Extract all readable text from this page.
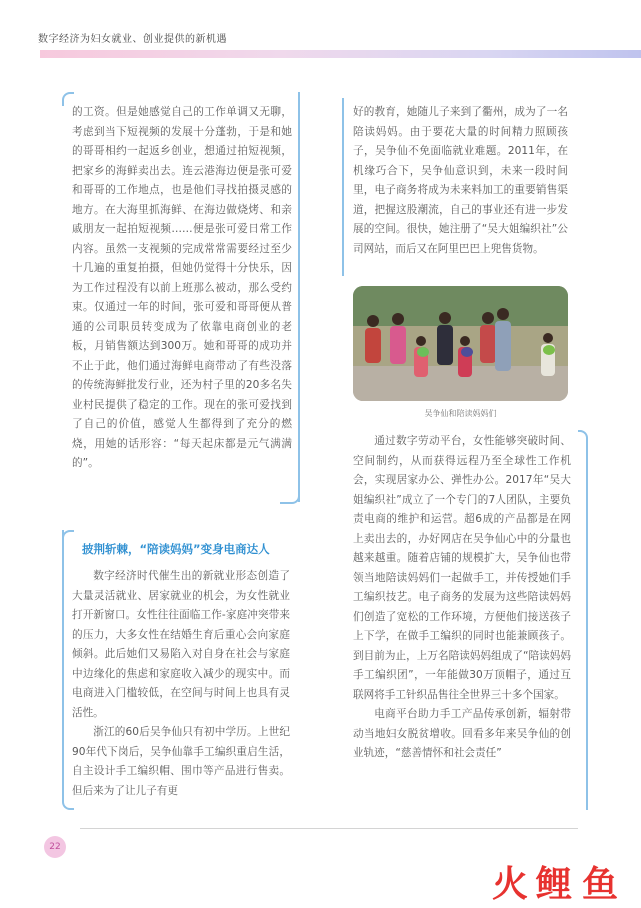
数字经济为妇女就业、创业提供的新机遇

的工资。但是她感觉自己的工作单调又无聊，考虑到当下短视频的发展十分蓬勃，于是和她的哥哥相约一起返乡创业，想通过拍短视频，把家乡的海鲜卖出去。连云港海边便是张可爱和哥哥的工作地点，也是他们寻找拍摄灵感的地方。在大海里抓海鲜、在海边做烧烤、和亲戚朋友一起拍短视频……便是张可爱日常工作内容。虽然一支视频的完成常常需要经过至少十几遍的重复拍摄，但她仍觉得十分快乐，因为工作过程没有以前上班那么被动，那么受约束。仅通过一年的时间，张可爱和哥哥便从普通的公司职员转变成为了依靠电商创业的老板，月销售额达到300万。她和哥哥的成功并不止于此，他们通过海鲜电商带动了有些没落的传统海鲜批发行业，还为村子里的20多名失业村民提供了稳定的工作。现在的张可爱找到了自己的价值，感觉人生都得到了充分的燃烧，用她的话形容：“每天起床都是元气满满的”。

披荆斩棘，“陪读妈妈”变身电商达人

数字经济时代催生出的新就业形态创造了大量灵活就业、居家就业的机会，为女性就业打开新窗口。女性往往面临工作-家庭冲突带来的压力，大多女性在结婚生育后重心会向家庭倾斜。此后她们又易陷入对自身在社会与家庭中边缘化的焦虑和家庭收入减少的现实中。而电商进入门槛较低，在空间与时间上也具有灵活性。

浙江的60后吴争仙只有初中学历。上世纪90年代下岗后，吴争仙靠手工编织重启生活，自主设计手工编织帽、围巾等产品进行售卖。但后来为了让儿子有更

好的教育，她随儿子来到了衢州，成为了一名陪读妈妈。由于要花大量的时间精力照顾孩子，吴争仙不免面临就业难题。2011年，在机缘巧合下，吴争仙意识到，未来一段时间里，电子商务将成为未来料加工的重要销售渠道，把握这股潮流，自己的事业还有进一步发展的空间。很快，她注册了“吴大姐编织社”公司网站，而后又在阿里巴巴上兜售货物。

吴争仙和陪读妈妈们

通过数字劳动平台，女性能够突破时间、空间制约，从而获得远程乃至全球性工作机会，实现居家办公、弹性办公。2017年“吴大姐编织社”成立了一个专门的7人团队，主要负责电商的维护和运营。超6成的产品都是在网上卖出去的，办好网店在吴争仙心中的分量也越来越重。随着店铺的规模扩大，吴争仙也带领当地陪读妈妈们一起做手工，并传授她们手工编织技艺。电子商务的发展为这些陪读妈妈们创造了宽松的工作环境，方便他们接送孩子上下学，在做手工编织的同时也能兼顾孩子。到目前为止，上万名陪读妈妈组成了“陪读妈妈手工编织团”，一年能做30万顶帽子，通过互联网将手工针织品售往全世界三十多个国家。

电商平台助力手工产品传承创新，辐射带动当地妇女脱贫增收。回看多年来吴争仙的创业轨迹，“慈善情怀和社会责任”

22
火 鲤 鱼
